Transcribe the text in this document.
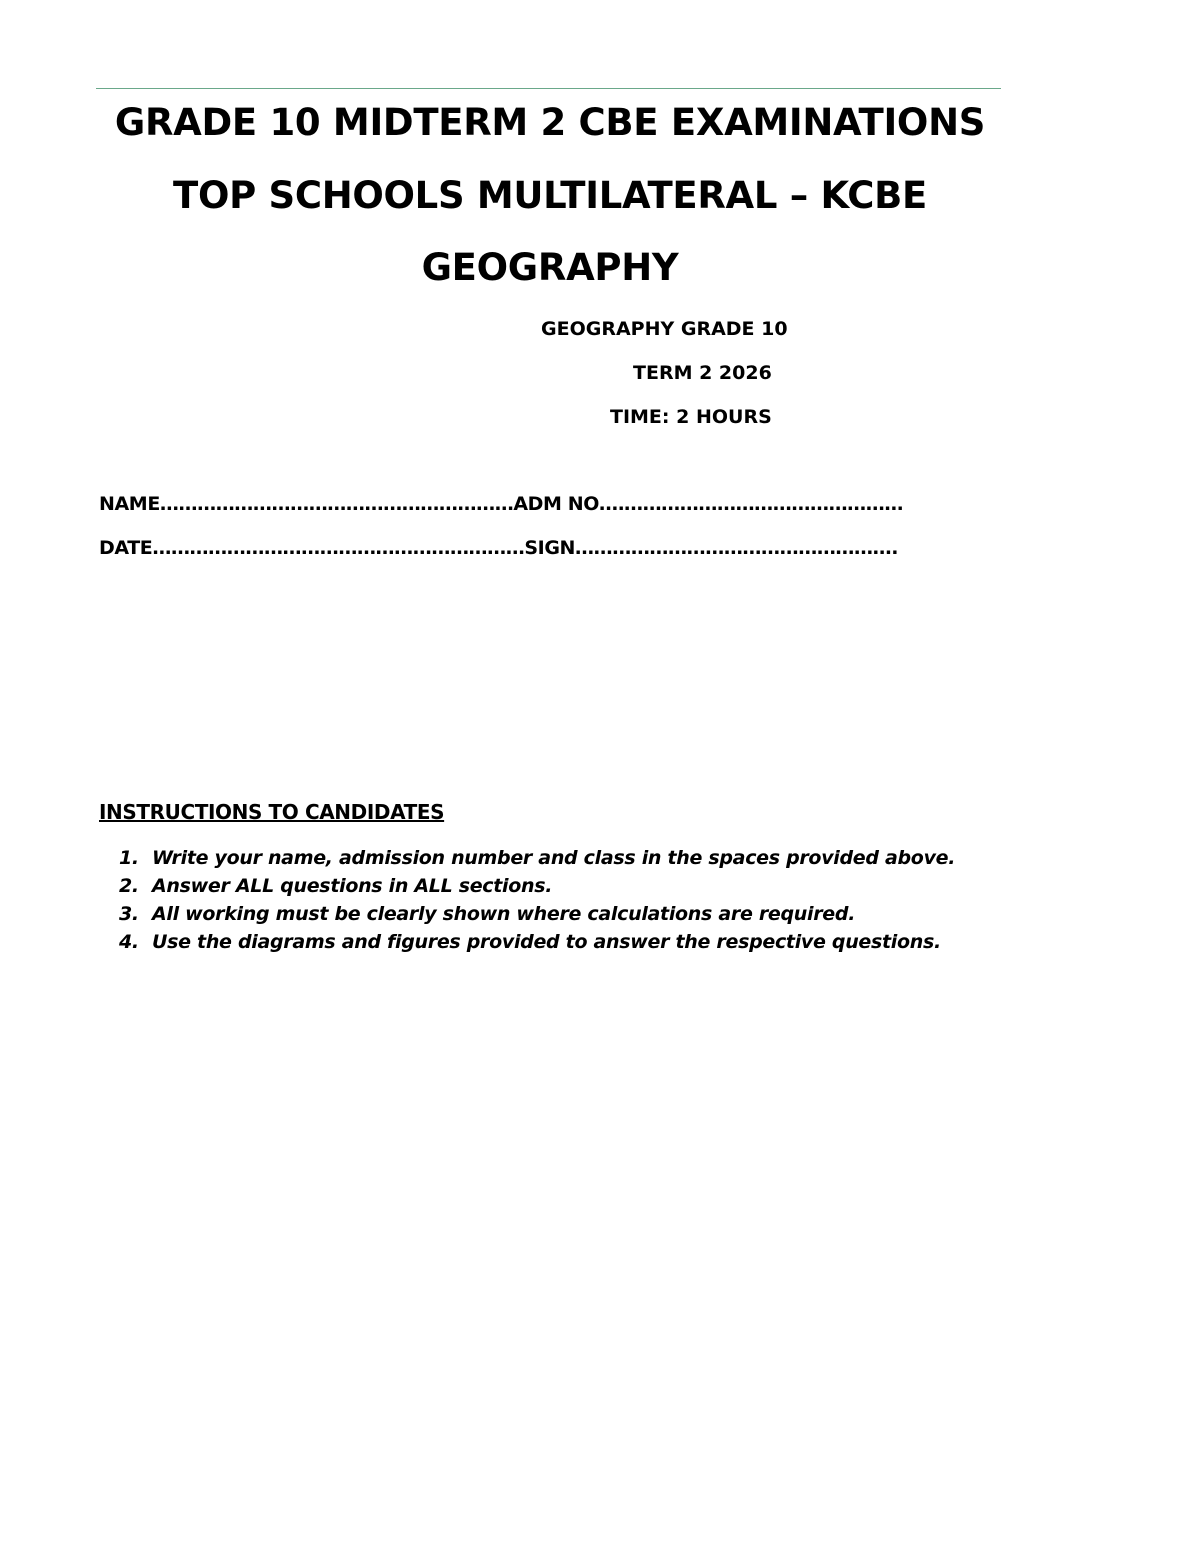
GRADE 10 MIDTERM 2 CBE EXAMINATIONS
TOP SCHOOLS MULTILATERAL – KCBE
GEOGRAPHY
GEOGRAPHY GRADE 10
TERM 2 2026
TIME: 2 HOURS
NAME…………………………………………………ADM NO.…………………………………………
DATE……………………………………………………SIGN…………………………………………….
INSTRUCTIONS TO CANDIDATES
1. Write your name, admission number and class in the spaces provided above.
2. Answer ALL questions in ALL sections.
3. All working must be clearly shown where calculations are required.
4. Use the diagrams and figures provided to answer the respective questions.
